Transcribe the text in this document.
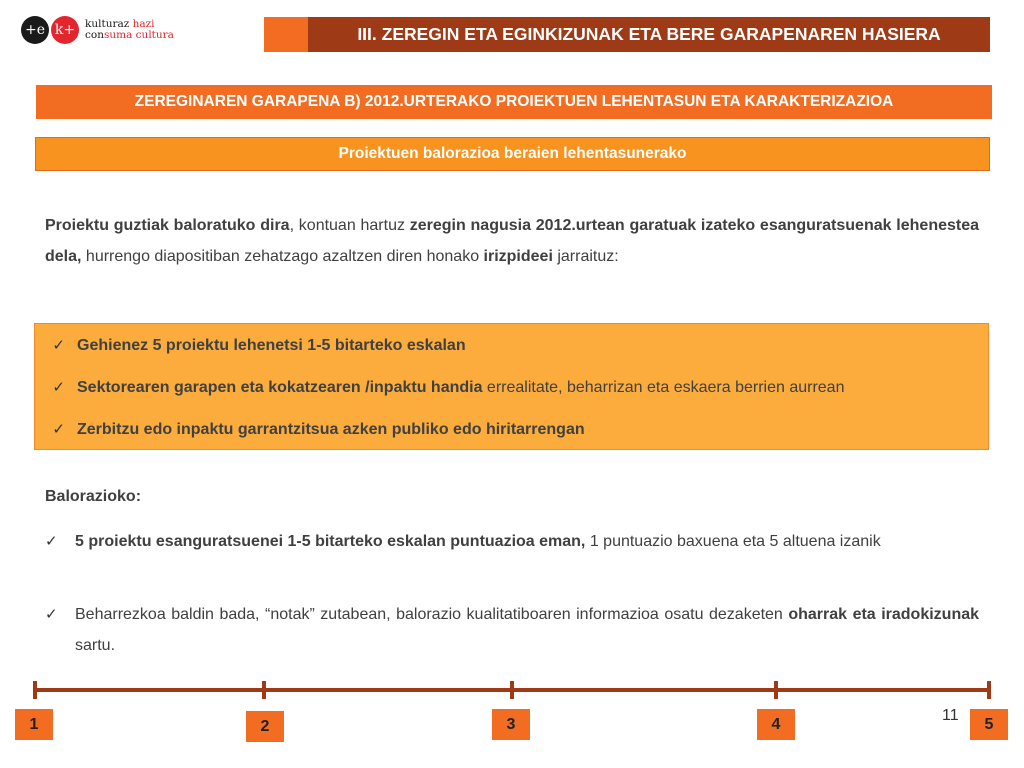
+e k+ kulturaz hazi
consuma cultura	III. ZEREGIN ETA EGINKIZUNAK ETA BERE GARAPENAREN HASIERA
ZEREGINAREN GARAPENA B) 2012.URTERAKO PROIEKTUEN LEHENTASUN ETA KARAKTERIZAZIOA
Proiektuen balorazioa beraien lehentasunerako
Proiektu guztiak baloratuko dira, kontuan hartuz zeregin nagusia 2012.urtean garatuak izateko esanguratsuenak lehenestea dela, hurrengo diapositiban zehatzago azaltzen diren honako irizpideei jarraituz:
✓ Gehienez 5 proiektu lehenetsi 1-5 bitarteko eskalan
✓ Sektorearen garapen eta kokatzearen /inpaktu handia errealitate, beharrizan eta eskaera berrien aurrean
✓ Zerbitzu edo inpaktu garrantzitsua azken publiko edo hiritarrengan
Balorazioko:
✓	5 proiektu esanguratsuenei 1-5 bitarteko eskalan puntuazioa eman, 1 puntuazio baxuena eta 5 altuena izanik
✓	Beharrezkoa baldin bada, “notak” zutabean, balorazio kualitatiboaren informazioa osatu dezaketen oharrak eta iradokizunak sartu.
1	2	3	4	5
11
